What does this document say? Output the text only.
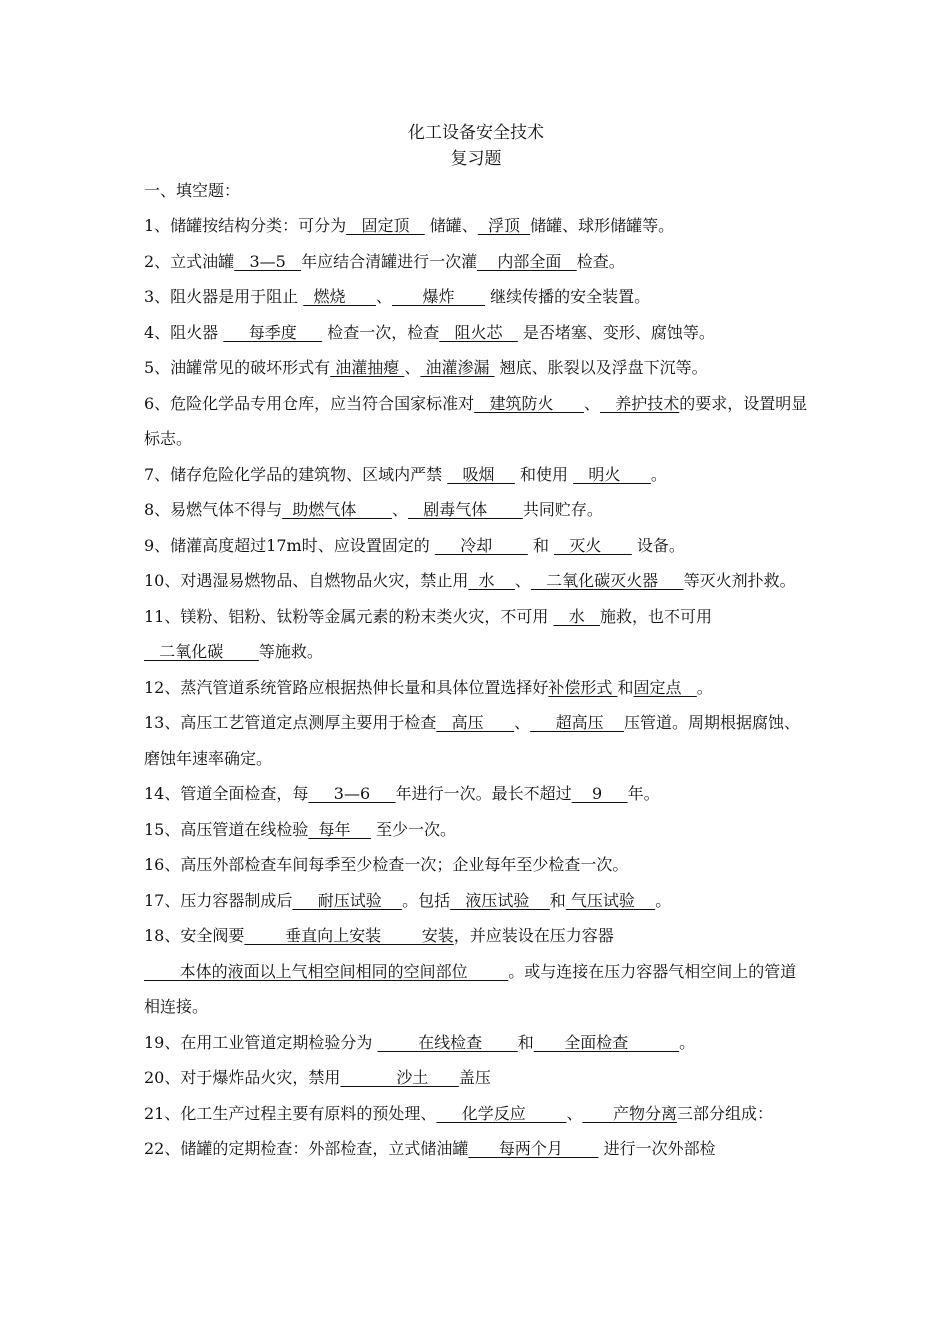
化工设备安全技术
复习题
一、填空题：
1、储罐按结构分类：可分为   固定顶    储罐、  浮顶  储罐、球形储罐等。
2、立式油罐   3—5   年应结合清罐进行一次灌    内部全面   检查。
3、阻火器是用于阻止   燃烧      、      爆炸       继续传播的安全装置。
4、阻火器      每季度      检查一次，检查   阻火芯    是否堵塞、变形、腐蚀等。
5、油罐常见的破坏形式有 油灌抽瘪 、 油灌渗漏  翘底、胀裂以及浮盘下沉等。
6、危险化学品专用仓库，应当符合国家标准对   建筑防火      、   养护技术的要求，设置明显标志。
7、储存危险化学品的建筑物、区域内严禁    吸烟     和使用    明火      。
8、易燃气体不得与  助燃气体       、   剧毒气体       共同贮存。
9、储灌高度超过17m时、应设置固定的      冷却        和    灭火       设备。
10、对遇湿易燃物品、自燃物品火灾，禁止用  水    、   二氧化碳灭火器     等灭火剂扑救。
11、镁粉、铝粉、钛粉等金属元素的粉末类火灾，不可用    水   施救，也不可用   二氧化碳       等施救。
12、蒸汽管道系统管路应根据热伸长量和具体位置选择好补偿形式 和固定点   。
13、高压工艺管道定点测厚主要用于检查   高压      、     超高压    压管道。周期根据腐蚀、磨蚀年速率确定。
14、管道全面检查，每     3—6     年进行一次。最长不超过    9     年。
15、高压管道在线检验  每年     至少一次。
16、高压外部检查车间每季至少检查一次；企业每年至少检查一次。
17、压力容器制成后     耐压试验    。包括   液压试验    和 气压试验    。
18、安全阀要        垂直向上安装        安装，并应装设在压力容器        本体的液面以上气相空间相同的空间部位        。或与连接在压力容器气相空间上的管道相连接。
19、在用工业管道定期检验分为         在线检查       和      全面检查          。
20、对于爆炸品火灾，禁用           沙土      盖压
21、化工生产过程主要有原料的预处理、     化学反应        、      产物分离三部分组成：
22、储罐的定期检查：外部检查，立式储油罐      每两个月        进行一次外部检
